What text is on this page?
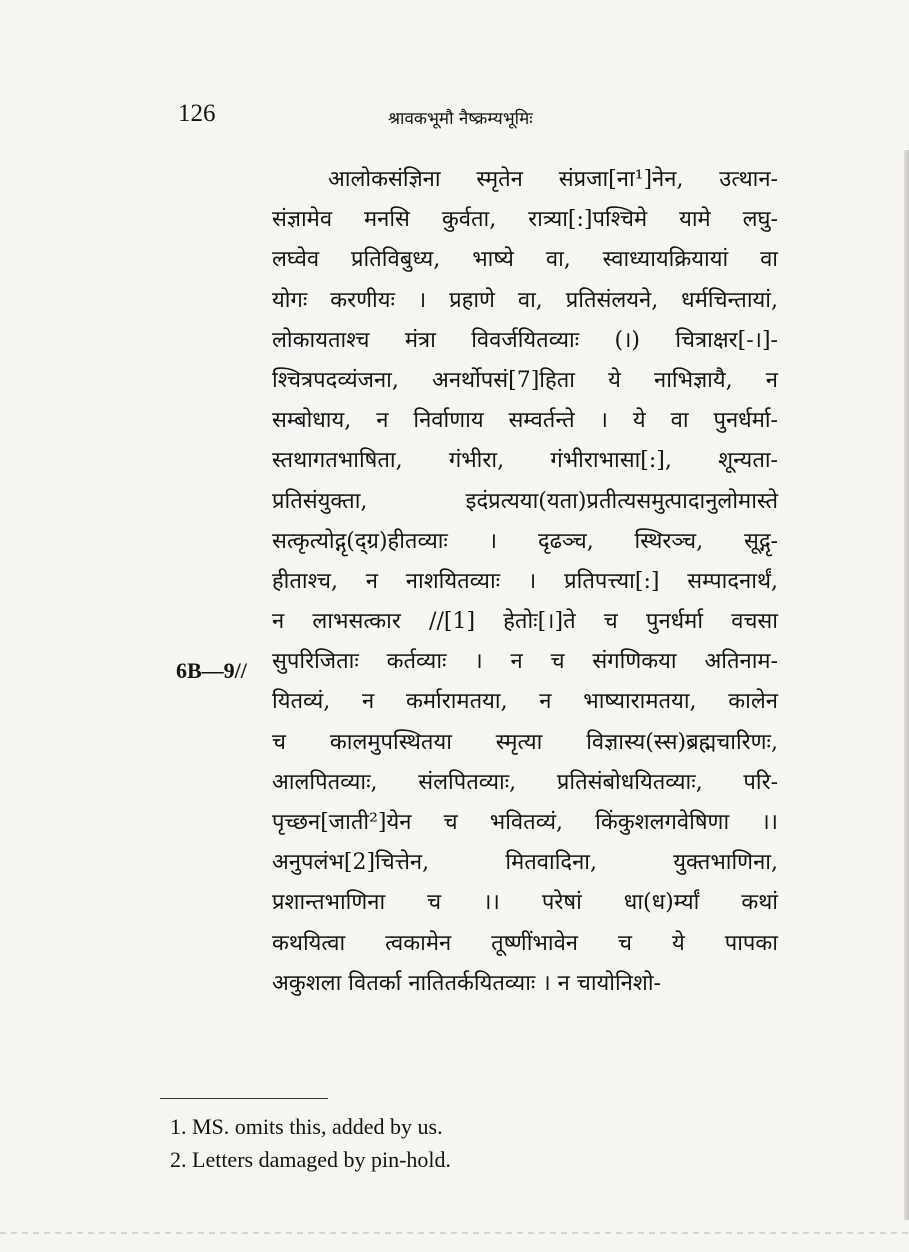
126	श्रावकभूमौ नैष्क्रम्यभूमिः
6B—9//
आलोकसंज्ञिना स्मृतेन संप्रजा[ना¹]नेन, उत्थान-
संज्ञामेव मनसि कुर्वता, रात्र्या[:]पश्चिमे यामे लघु-
लघ्वेव प्रतिविबुध्य, भाष्ये वा, स्वाध्यायक्रियायां वा
योगः करणीयः । प्रहाणे वा, प्रतिसंलयने, धर्मचिन्तायां,
लोकायताश्च मंत्रा विवर्जयितव्याः (।) चित्राक्षर[-।]-
श्चित्रपदव्यंजना, अनर्थोपसं[7]हिता ये नाभिज्ञायै, न
सम्बोधाय, न निर्वाणाय सम्वर्तन्ते । ये वा पुनर्धर्मा-
स्तथागतभाषिता, गंभीरा, गंभीराभासा[:], शून्यता-
प्रतिसंयुक्ता, इदंप्रत्यया(यता)प्रतीत्यसमुत्पादानुलोमास्ते
सत्कृत्योद्गृ(द्ग्र)हीतव्याः । दृढञ्च, स्थिरञ्च, सूद्गृ-
हीताश्च, न नाशयितव्याः । प्रतिपत्त्या[:] सम्पादनार्थं,
न लाभसत्कार //[1] हेतोः[।]ते च पुनर्धर्मा वचसा
सुपरिजिताः कर्तव्याः । न च संगणिकया अतिनाम-
यितव्यं, न कर्मारामतया, न भाष्यारामतया, कालेन
च कालमुपस्थितया स्मृत्या विज्ञास्य(स्स)ब्रह्मचारिणः,
आलपितव्याः, संलपितव्याः, प्रतिसंबोधयितव्याः, परि-
पृच्छन[जाती²]येन च भवितव्यं, किंकुशलगवेषिणा ।।
अनुपलंभ[2]चित्तेन, मितवादिना, युक्तभाणिना,
प्रशान्तभाणिना च ।। परेषां धा(ध)र्म्यां कथां
कथयित्वा त्वकामेन तूष्णींभावेन च ये पापका
अकुशला वितर्का नातितर्कयितव्याः । न चायोनिशो-
1. MS. omits this, added by us.
2. Letters damaged by pin-hold.
